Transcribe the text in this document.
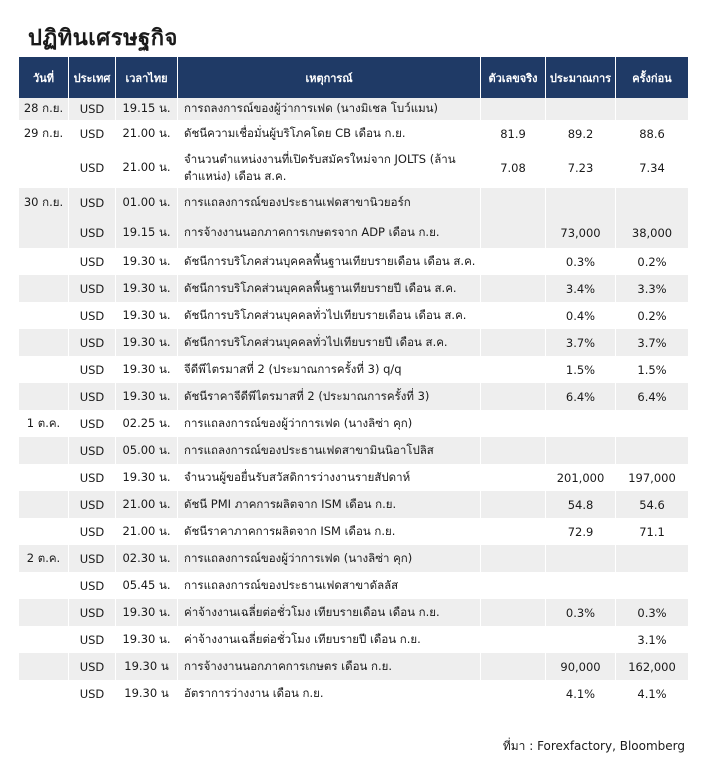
ปฏิทินเศรษฐกิจ
วันที่	ประเทศ	เวลาไทย	เหตุการณ์	ตัวเลขจริง	ประมาณการ	ครั้งก่อน
28 ก.ย.	USD	19.15 น.	การถลงการณ์ของผู้ว่าการเฟด (นางมิเชล โบว์แมน)			
29 ก.ย.	USD	21.00 น.	ดัชนีความเชื่อมั่นผู้บริโภคโดย CB เดือน ก.ย.	81.9	89.2	88.6
	USD	21.00 น.	จำนวนตำแหน่งงานที่เปิดรับสมัครใหม่จาก JOLTS (ล้านตำแหน่ง) เดือน ส.ค.	7.08	7.23	7.34
30 ก.ย.	USD	01.00 น.	การแถลงการณ์ของประธานเฟดสาขานิวยอร์ก			
	USD	19.15 น.	การจ้างงานนอกภาคการเกษตรจาก ADP เดือน ก.ย.		73,000	38,000
	USD	19.30 น.	ดัชนีการบริโภคส่วนบุคคลพื้นฐานเทียบรายเดือน เดือน ส.ค.		0.3%	0.2%
	USD	19.30 น.	ดัชนีการบริโภคส่วนบุคคลพื้นฐานเทียบรายปี เดือน ส.ค.		3.4%	3.3%
	USD	19.30 น.	ดัชนีการบริโภคส่วนบุคคลทั่วไปเทียบรายเดือน เดือน ส.ค.		0.4%	0.2%
	USD	19.30 น.	ดัชนีการบริโภคส่วนบุคคลทั่วไปเทียบรายปี เดือน ส.ค.		3.7%	3.7%
	USD	19.30 น.	จีดีพีไตรมาสที่ 2 (ประมาณการครั้งที่ 3) q/q		1.5%	1.5%
	USD	19.30 น.	ดัชนีราคาจีดีพีไตรมาสที่ 2 (ประมาณการครั้งที่ 3)		6.4%	6.4%
1 ต.ค.	USD	02.25 น.	การแถลงการณ์ของผู้ว่าการเฟด (นางลิซ่า คุก)			
	USD	05.00 น.	การแถลงการณ์ของประธานเฟดสาขามินนิอาโปลิส			
	USD	19.30 น.	จำนวนผู้ขอยื่นรับสวัสดิการว่างงานรายสัปดาห์		201,000	197,000
	USD	21.00 น.	ดัชนี PMI ภาคการผลิตจาก ISM เดือน ก.ย.		54.8	54.6
	USD	21.00 น.	ดัชนีราคาภาคการผลิตจาก ISM เดือน ก.ย.		72.9	71.1
2 ต.ค.	USD	02.30 น.	การแถลงการณ์ของผู้ว่าการเฟด (นางลิซ่า คุก)			
	USD	05.45 น.	การแถลงการณ์ของประธานเฟดสาขาดัลลัส			
	USD	19.30 น.	ค่าจ้างงานเฉลี่ยต่อชั่วโมง เทียบรายเดือน เดือน ก.ย.		0.3%	0.3%
	USD	19.30 น.	ค่าจ้างงานเฉลี่ยต่อชั่วโมง เทียบรายปี เดือน ก.ย.			3.1%
	USD	19.30 น	การจ้างงานนอกภาคการเกษตร เดือน ก.ย.		90,000	162,000
	USD	19.30 น	อัตราการว่างงาน เดือน ก.ย.		4.1%	4.1%
ที่มา : Forexfactory, Bloomberg
